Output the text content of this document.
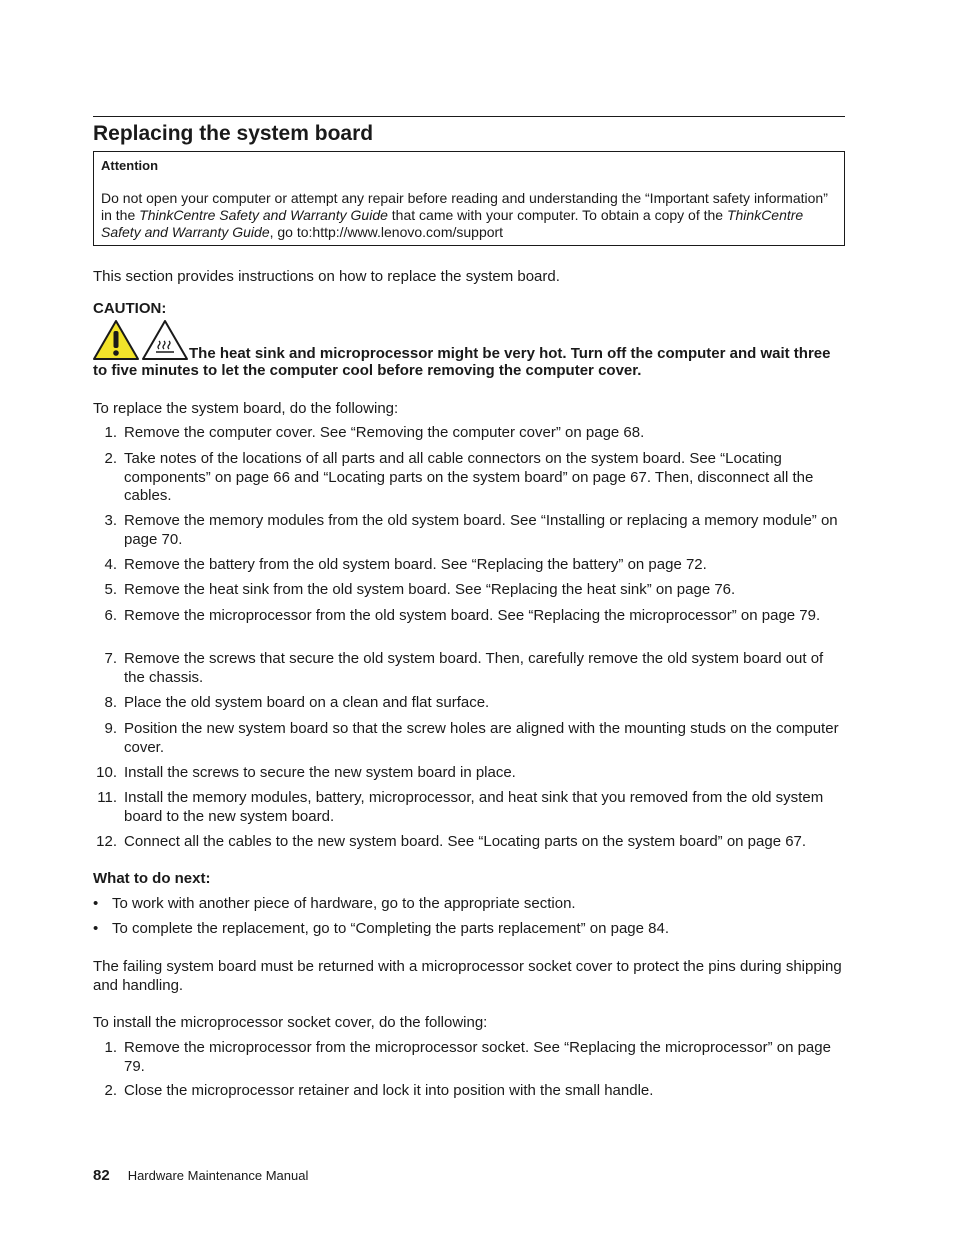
Replacing the system board
Attention
Do not open your computer or attempt any repair before reading and understanding the “Important safety information” in the ThinkCentre Safety and Warranty Guide that came with your computer. To obtain a copy of the ThinkCentre Safety and Warranty Guide, go to:http://www.lenovo.com/support
This section provides instructions on how to replace the system board.
CAUTION:
The heat sink and microprocessor might be very hot. Turn off the computer and wait three to five minutes to let the computer cool before removing the computer cover.
To replace the system board, do the following:
1. Remove the computer cover. See “Removing the computer cover” on page 68.
2. Take notes of the locations of all parts and all cable connectors on the system board. See “Locating components” on page 66 and “Locating parts on the system board” on page 67. Then, disconnect all the cables.
3. Remove the memory modules from the old system board. See “Installing or replacing a memory module” on page 70.
4. Remove the battery from the old system board. See “Replacing the battery” on page 72.
5. Remove the heat sink from the old system board. See “Replacing the heat sink” on page 76.
6. Remove the microprocessor from the old system board. See “Replacing the microprocessor” on page 79.
7. Remove the screws that secure the old system board. Then, carefully remove the old system board out of the chassis.
8. Place the old system board on a clean and flat surface.
9. Position the new system board so that the screw holes are aligned with the mounting studs on the computer cover.
10. Install the screws to secure the new system board in place.
11. Install the memory modules, battery, microprocessor, and heat sink that you removed from the old system board to the new system board.
12. Connect all the cables to the new system board. See “Locating parts on the system board” on page 67.
What to do next:
• To work with another piece of hardware, go to the appropriate section.
• To complete the replacement, go to “Completing the parts replacement” on page 84.
The failing system board must be returned with a microprocessor socket cover to protect the pins during shipping and handling.
To install the microprocessor socket cover, do the following:
1. Remove the microprocessor from the microprocessor socket. See “Replacing the microprocessor” on page 79.
2. Close the microprocessor retainer and lock it into position with the small handle.
82 Hardware Maintenance Manual
